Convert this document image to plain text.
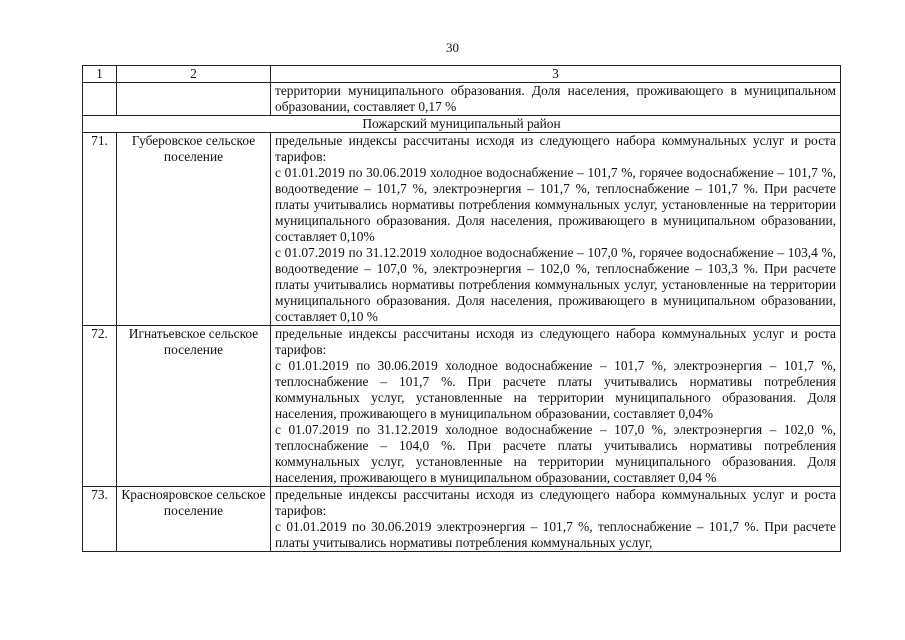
30
1	2	3
		территории муниципального образования. Доля населения, проживающего в муниципальном образовании, составляет 0,17 %
Пожарский муниципальный район		
71.	Губеровское сельское поселение	предельные индексы рассчитаны исходя из следующего набора коммунальных услуг и роста тарифов:
с 01.01.2019 по 30.06.2019 холодное водоснабжение – 101,7 %, горячее водоснабжение – 101,7 %, водоотведение – 101,7 %, электроэнергия – 101,7 %, теплоснабжение – 101,7 %. При расчете платы учитывались нормативы потребления коммунальных услуг, установленные на территории муниципального образования. Доля населения, проживающего в муниципальном образовании, составляет 0,10%
с 01.07.2019 по 31.12.2019 холодное водоснабжение – 107,0 %, горячее водоснабжение – 103,4 %, водоотведение – 107,0 %, электроэнергия – 102,0 %, теплоснабжение – 103,3 %. При расчете платы учитывались нормативы потребления коммунальных услуг, установленные на территории муниципального образования. Доля населения, проживающего в муниципальном образовании, составляет 0,10 %

72.	Игнатьевское сельское поселение	предельные индексы рассчитаны исходя из следующего набора коммунальных услуг и роста тарифов:
с 01.01.2019 по 30.06.2019 холодное водоснабжение – 101,7 %, электроэнергия – 101,7 %, теплоснабжение – 101,7 %. При расчете платы учитывались нормативы потребления коммунальных услуг, установленные на территории муниципального образования. Доля населения, проживающего в муниципальном образовании, составляет 0,04%
с 01.07.2019 по 31.12.2019 холодное водоснабжение – 107,0 %, электроэнергия – 102,0 %, теплоснабжение – 104,0 %. При расчете платы учитывались нормативы потребления коммунальных услуг, установленные на территории муниципального образования. Доля населения, проживающего в муниципальном образовании, составляет 0,04 %

73.	Краснояровское сельское поселение	предельные индексы рассчитаны исходя из следующего набора коммунальных услуг и роста тарифов:
с 01.01.2019 по 30.06.2019 электроэнергия – 101,7 %, теплоснабжение – 101,7 %. При расчете платы учитывались нормативы потребления коммунальных услуг,
